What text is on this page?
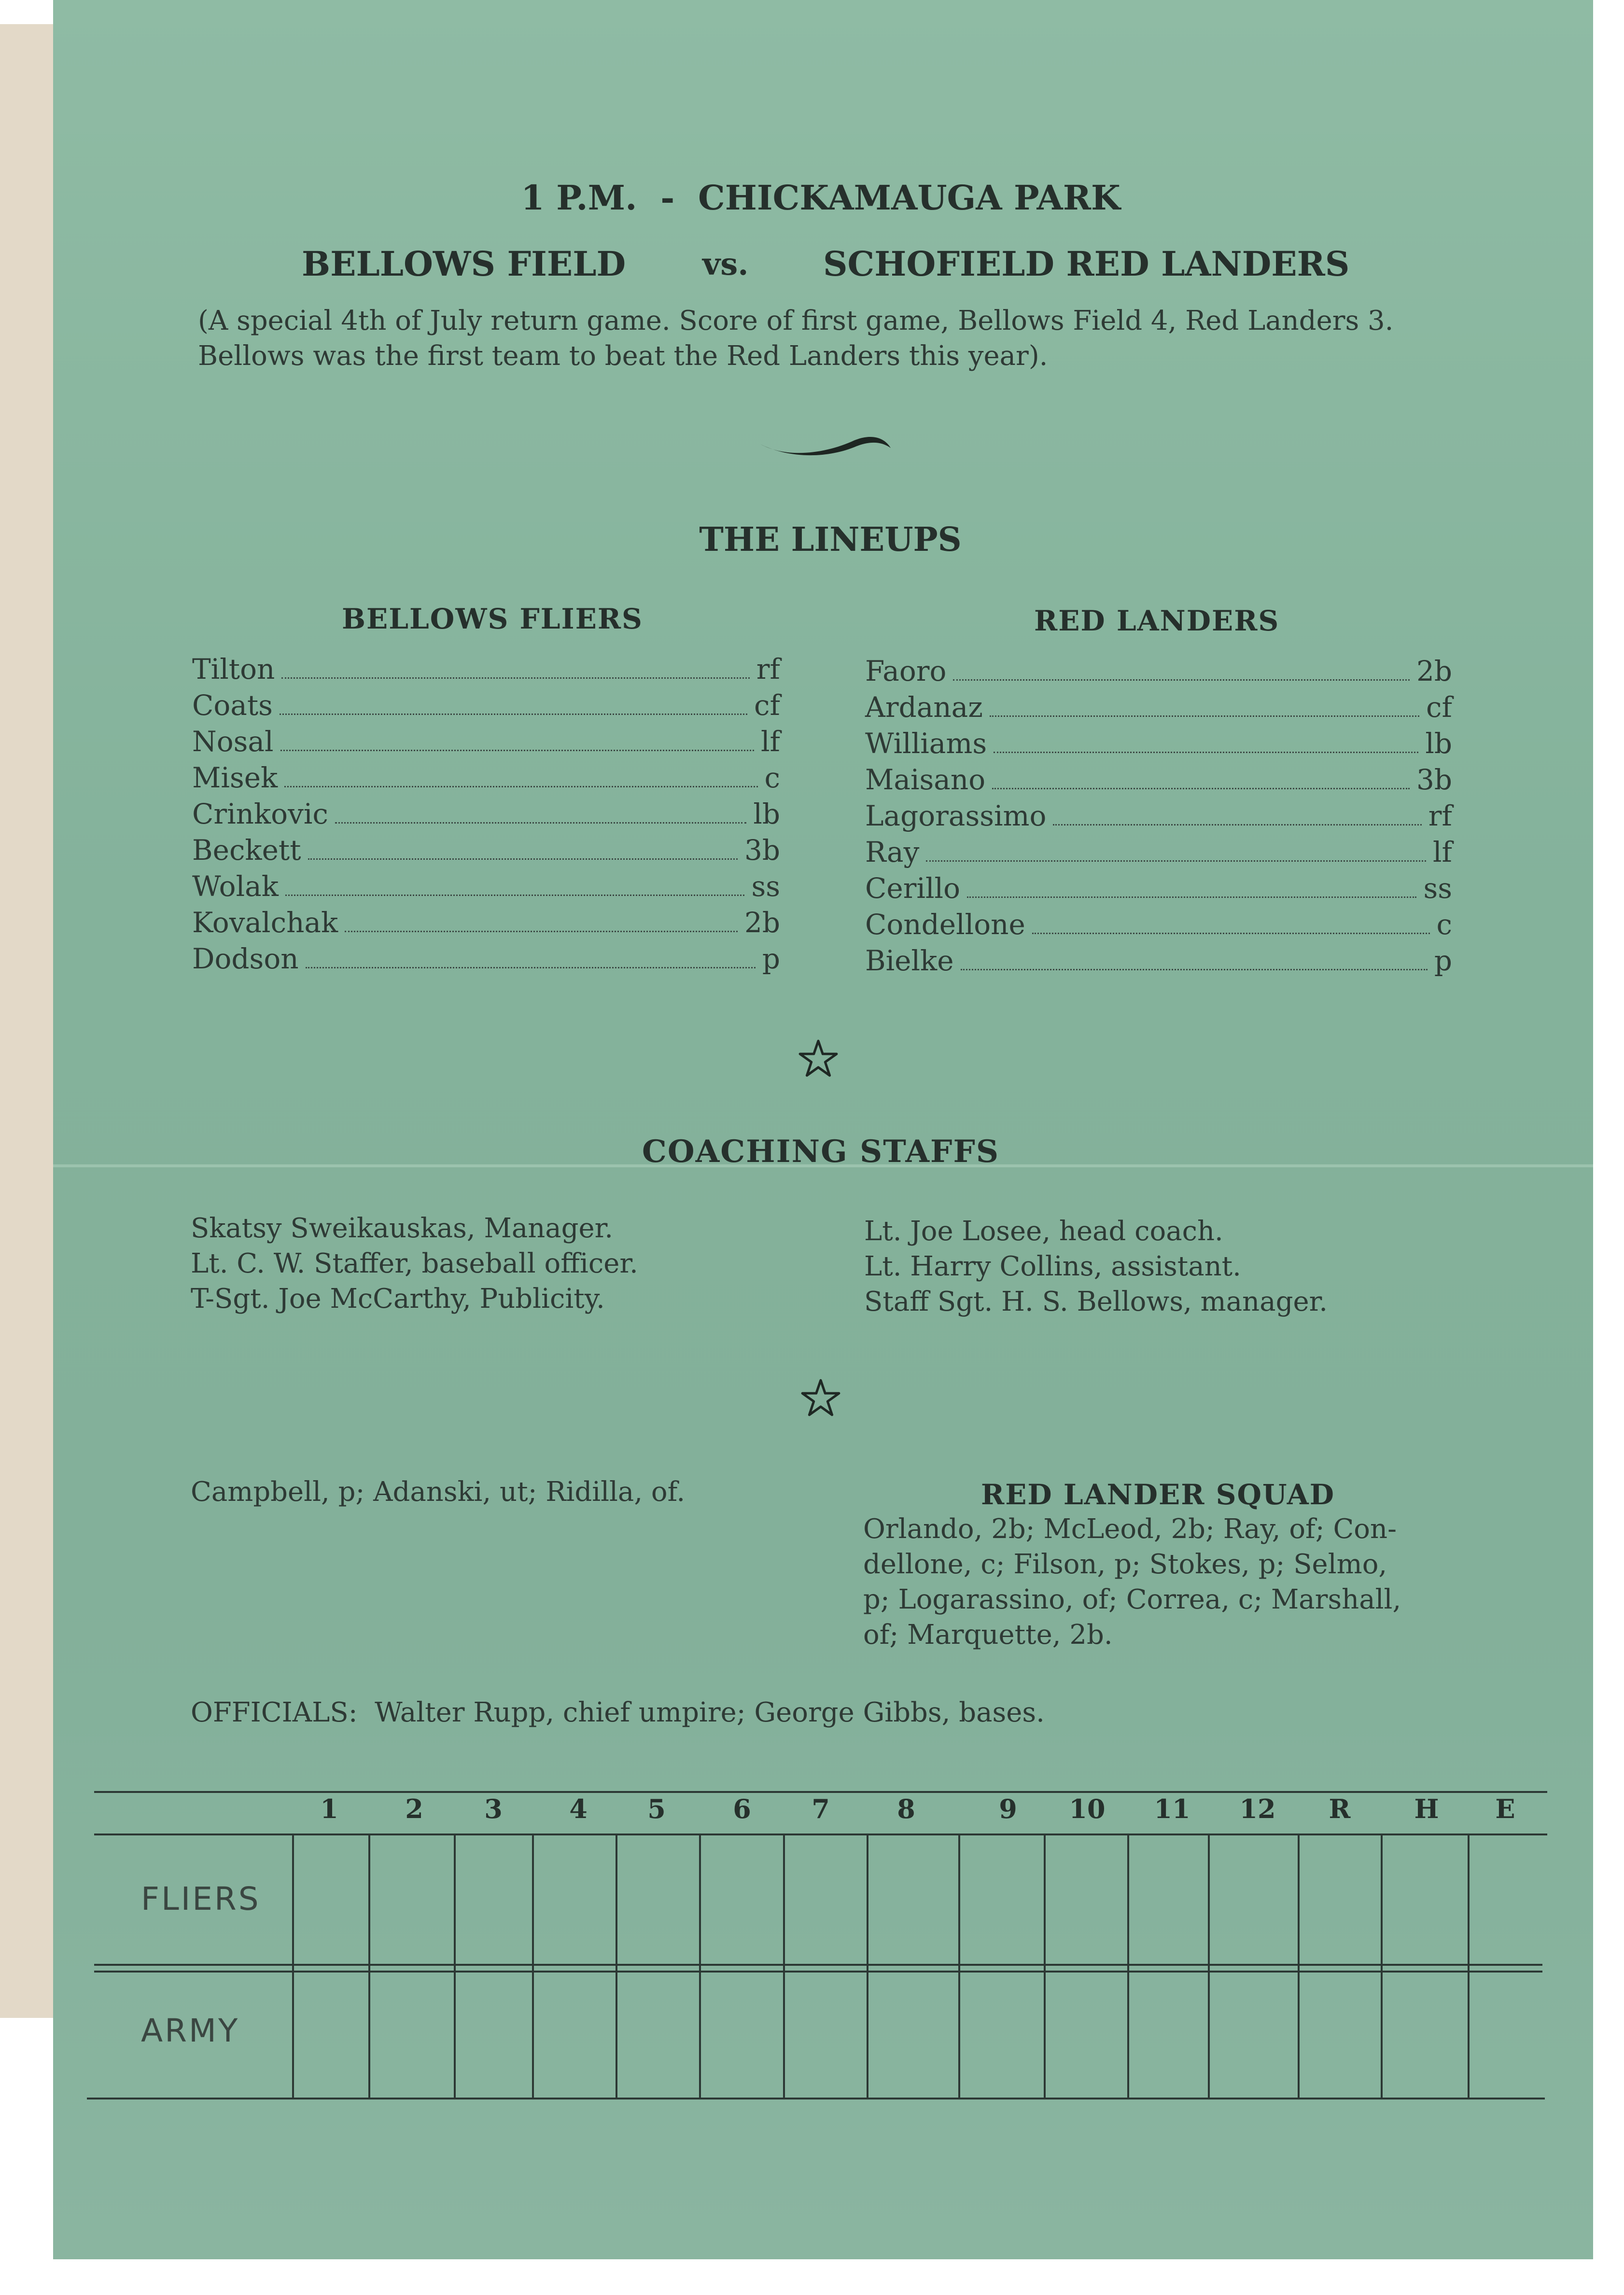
1 P.M.  -  CHICKAMAUGA PARK
BELLOWS FIELD vs. SCHOFIELD RED LANDERS
(A special 4th of July return game. Score of first game, Bellows Field 4, Red Landers 3.
Bellows was the first team to beat the Red Landers this year).
THE LINEUPS
BELLOWS FLIERS	RED LANDERS
Tilton	rf
Coats	cf
Nosal	lf
Misek	c
Crinkovic	lb
Beckett	3b
Wolak	ss
Kovalchak	2b
Dodson	p
Faoro	2b
Ardanaz	cf
Williams	lb
Maisano	3b
Lagorassimo	rf
Ray	lf
Cerillo	ss
Condellone	c
Bielke	p
COACHING STAFFS
Skatsy Sweikauskas, Manager.
Lt. C. W. Staffer, baseball officer.
T-Sgt. Joe McCarthy, Publicity.
Lt. Joe Losee, head coach.
Lt. Harry Collins, assistant.
Staff Sgt. H. S. Bellows, manager.
Campbell, p; Adanski, ut; Ridilla, of.	RED LANDER SQUAD
Orlando, 2b; McLeod, 2b; Ray, of; Con-
dellone, c; Filson, p; Stokes, p; Selmo,
p; Logarassino, of; Correa, c; Marshall,
of; Marquette, 2b.
OFFICIALS:  Walter Rupp, chief umpire; George Gibbs, bases.
1	2	3	4	5	6	7	8	9	10 11 12	R	H	E
FLIERS
ARMY
